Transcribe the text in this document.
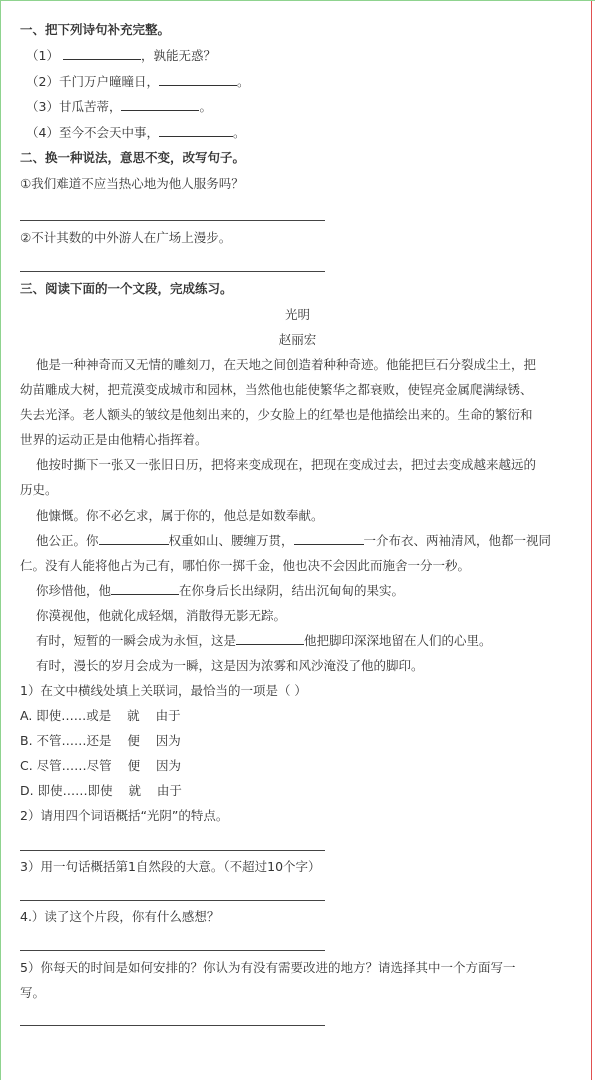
一、把下列诗句补充完整。
（1）	，孰能无惑？
（2）千门万户曈曈日，	。
（3）甘瓜苦蒂，	。
（4）至今不会天中事，	。
二、换一种说法，意思不变，改写句子。
①我们难道不应当热心地为他人服务吗？
②不计其数的中外游人在广场上漫步。
三、阅读下面的一个文段，完成练习。
光明
赵丽宏
他是一种神奇而又无情的雕刻刀，在天地之间创造着种种奇迹。他能把巨石分裂成尘土，把
幼苗雕成大树，把荒漠变成城市和园林，当然他也能使繁华之都衰败，使锃亮金属爬满绿锈、
失去光泽。老人额头的皱纹是他刻出来的，少女脸上的红晕也是他描绘出来的。生命的繁衍和
世界的运动正是由他精心指挥着。
他按时撕下一张又一张旧日历，把将来变成现在，把现在变成过去，把过去变成越来越远的
历史。
他慷慨。你不必乞求，属于你的，他总是如数奉献。
他公正。你	权重如山、腰缠万贯，	一介布衣、两袖清风，他都一视同
仁。没有人能将他占为己有，哪怕你一掷千金，他也决不会因此而施舍一分一秒。
你珍惜他，他	在你身后长出绿阴，结出沉甸甸的果实。
你漠视他，他就化成轻烟，消散得无影无踪。
有时，短暂的一瞬会成为永恒，这是	他把脚印深深地留在人们的心里。
有时，漫长的岁月会成为一瞬，这是因为浓雾和风沙淹没了他的脚印。
1）在文中横线处填上关联词，最恰当的一项是（ ）
A. 即使……或是    就    由于
B. 不管……还是    便    因为
C. 尽管……尽管    便    因为
D. 即使……即使    就    由于
2）请用四个词语概括“光阴”的特点。
3）用一句话概括第1自然段的大意。（不超过10个字）
4.）读了这个片段，你有什么感想？
5）你每天的时间是如何安排的？你认为有没有需要改进的地方？请选择其中一个方面写一
写。
